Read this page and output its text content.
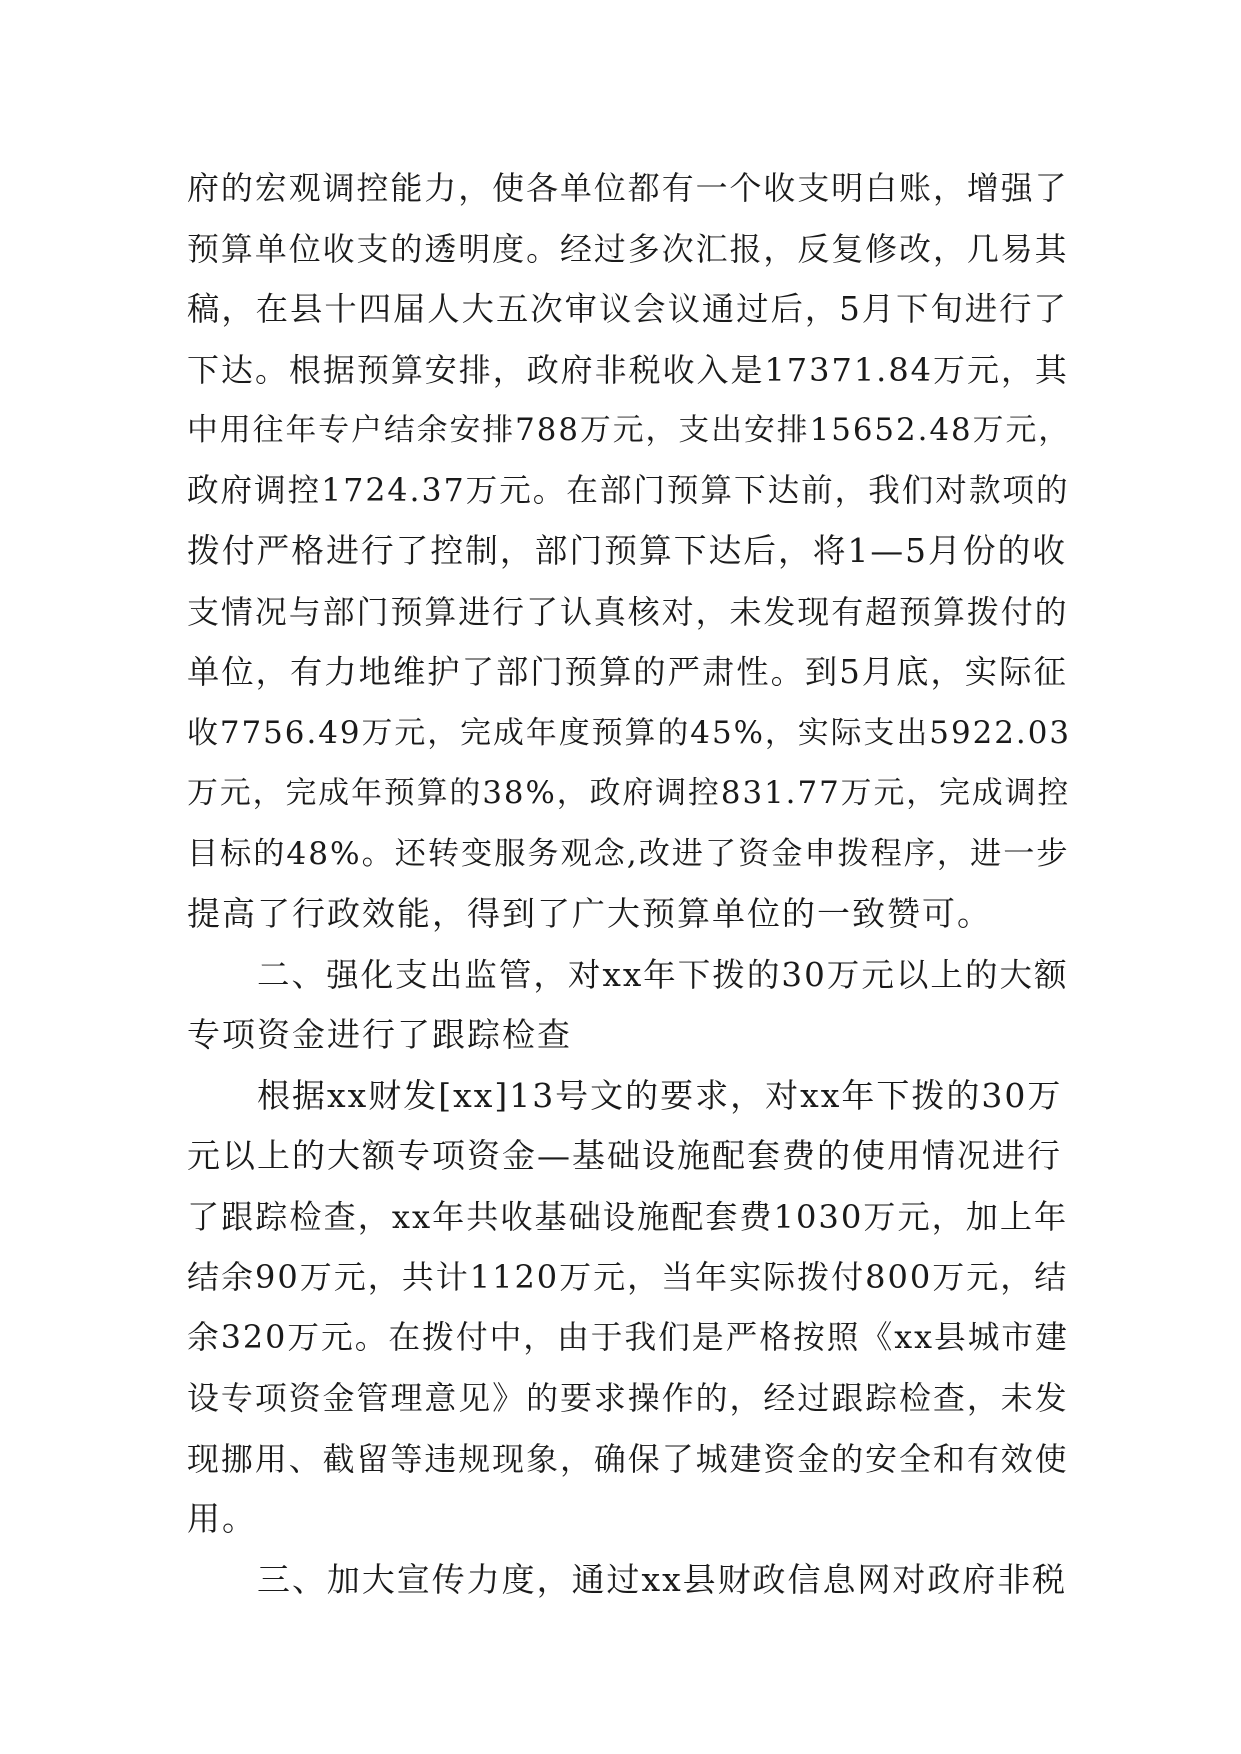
府的宏观调控能力，使各单位都有一个收支明白账，增强了
预算单位收支的透明度。经过多次汇报，反复修改，几易其
稿，在县十四届人大五次审议会议通过后，5月下旬进行了
下达。根据预算安排，政府非税收入是17371.84万元，其
中用往年专户结余安排788万元，支出安排15652.48万元，
政府调控1724.37万元。在部门预算下达前，我们对款项的
拨付严格进行了控制，部门预算下达后，将1—5月份的收
支情况与部门预算进行了认真核对，未发现有超预算拨付的
单位，有力地维护了部门预算的严肃性。到5月底，实际征
收7756.49万元，完成年度预算的45%，实际支出5922.03
万元，完成年预算的38%，政府调控831.77万元，完成调控
目标的48%。还转变服务观念,改进了资金申拨程序，进一步
提高了行政效能，得到了广大预算单位的一致赞可。
二、强化支出监管，对xx年下拨的30万元以上的大额
专项资金进行了跟踪检查
根据xx财发[xx]13号文的要求，对xx年下拨的30万
元以上的大额专项资金—基础设施配套费的使用情况进行
了跟踪检查，xx年共收基础设施配套费1030万元，加上年
结余90万元，共计1120万元，当年实际拨付800万元，结
余320万元。在拨付中，由于我们是严格按照《xx县城市建
设专项资金管理意见》的要求操作的，经过跟踪检查，未发
现挪用、截留等违规现象，确保了城建资金的安全和有效使
用。
三、加大宣传力度，通过xx县财政信息网对政府非税
